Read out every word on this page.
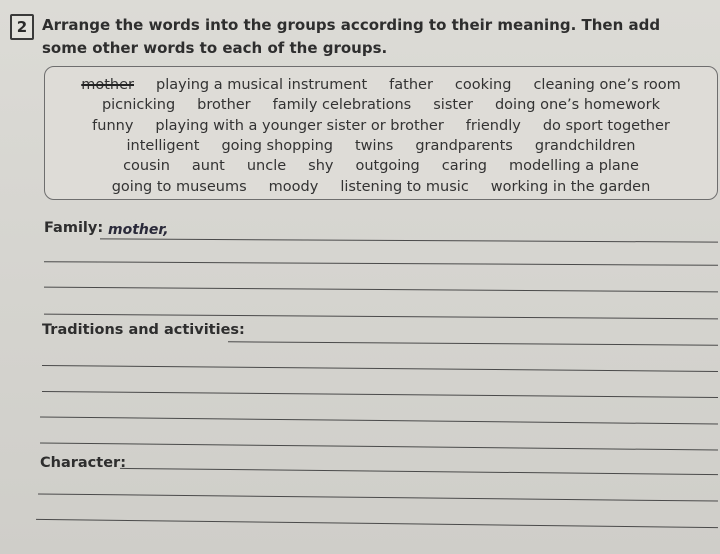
2 Arrange the words into the groups according to their meaning. Then add some other words to each of the groups.
mother playing a musical instrument father cooking cleaning one’s room
picnicking brother family celebrations sister doing one’s homework
funny playing with a younger sister or brother friendly do sport together
intelligent going shopping twins grandparents grandchildren
cousin aunt uncle shy outgoing caring modelling a plane
going to museums moody listening to music working in the garden
Family: mother,
Traditions and activities:
Character:
